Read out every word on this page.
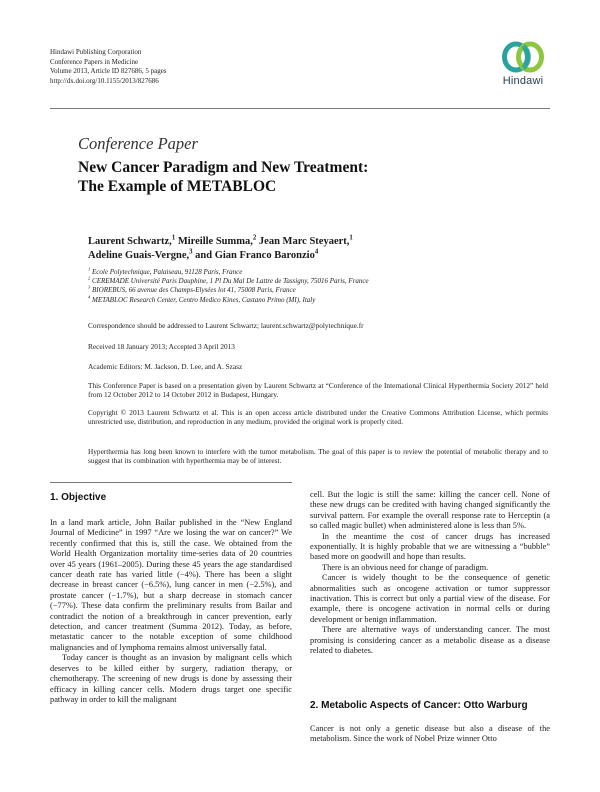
Hindawi Publishing Corporation
Conference Papers in Medicine
Volume 2013, Article ID 827686, 5 pages
http://dx.doi.org/10.1155/2013/827686	Hindawi
Conference Paper
New Cancer Paradigm and New Treatment:
The Example of METABLOC
Laurent Schwartz,$^1$ Mireille Summa,$^2$ Jean Marc Steyaert,$^1$
Adeline Guais-Vergne,$^3$ and Gian Franco Baronzio$^4$
$^1$ Ecole Polytechnique, Palaiseau, 91128 Paris, France
$^2$ CEREMADE Université Paris Dauphine, 1 Pl Du Mal De Lattre de Tassigny, 75016 Paris, France
$^3$ BIOREBUS, 66 avenue des Champs-Elysées lot 41, 75008 Paris, France
$^4$ METABLOC Research Center, Centro Medico Kines, Castano Primo (MI), Italy
Correspondence should be addressed to Laurent Schwartz; laurent.schwartz@polytechnique.fr
Received 18 January 2013; Accepted 3 April 2013
Academic Editors: M. Jackson, D. Lee, and A. Szasz
This Conference Paper is based on a presentation given by Laurent Schwartz at “Conference of the International Clinical Hyperthermia Society 2012” held from 12 October 2012 to 14 October 2012 in Budapest, Hungary.
Copyright © 2013 Laurent Schwartz et al. This is an open access article distributed under the Creative Commons Attribution License, which permits unrestricted use, distribution, and reproduction in any medium, provided the original work is properly cited.
Hyperthermia has long been known to interfere with the tumor metabolism. The goal of this paper is to review the potential of metabolic therapy and to suggest that its combination with hyperthermia may be of interest.
1. Objective

In a land mark article, John Bailar published in the “New England Journal of Medicine” in 1997 “Are we losing the war on cancer?” We recently confirmed that this is, still the case. We obtained from the World Health Organization mortality time-series data of 20 countries over 45 years (1961–2005). During these 45 years the age standardised cancer death rate has varied little (−4%). There has been a slight decrease in breast cancer (−6.5%), lung cancer in men (−2.5%), and prostate cancer (−1.7%), but a sharp decrease in stomach cancer (−77%). These data confirm the preliminary results from Bailar and contradict the notion of a breakthrough in cancer prevention, early detection, and cancer treatment (Summa 2012). Today, as before, metastatic cancer to the notable exception of some childhood malignancies and of lymphoma remains almost universally fatal.

Today cancer is thought as an invasion by malignant cells which deserves to be killed either by surgery, radiation therapy, or chemotherapy. The screening of new drugs is done by assessing their efficacy in killing cancer cells. Modern drugs target one specific pathway in order to kill the malignant

cell. But the logic is still the same: killing the cancer cell. None of these new drugs can be credited with having changed significantly the survival pattern. For example the overall response rate to Herceptin (a so called magic bullet) when administered alone is less than 5%.

In the meantime the cost of cancer drugs has increased exponentially. It is highly probable that we are witnessing a “bubble” based more on goodwill and hope than results.

There is an obvious need for change of paradigm.

Cancer is widely thought to be the consequence of genetic abnormalities such as oncogene activation or tumor suppressor inactivation. This is correct but only a partial view of the disease. For example, there is oncogene activation in normal cells or during development or benign inflammation.

There are alternative ways of understanding cancer. The most promising is considering cancer as a metabolic disease as a disease related to diabetes.

2. Metabolic Aspects of Cancer: Otto Warburg

Cancer is not only a genetic disease but also a disease of the metabolism. Since the work of Nobel Prize winner Otto
